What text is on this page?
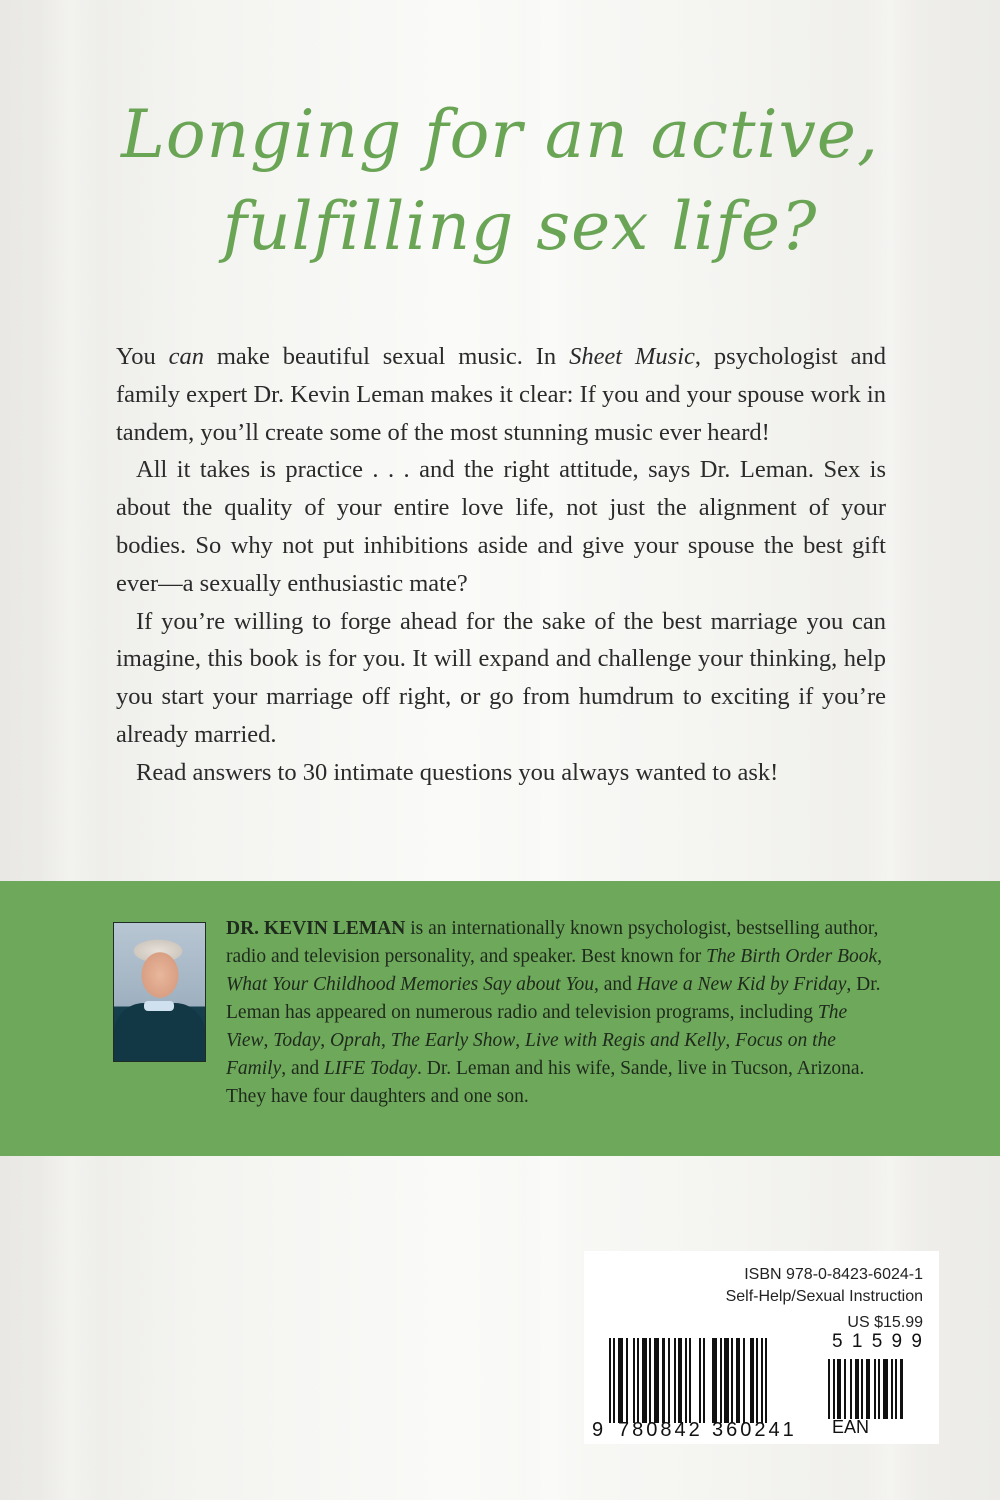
Longing for an active,
fulfilling sex life?

You can make beautiful sexual music. In Sheet Music, psychologist and family expert Dr. Kevin Leman makes it clear: If you and your spouse work in tandem, you’ll create some of the most stunning music ever heard!

All it takes is practice . . . and the right attitude, says Dr. Leman. Sex is about the quality of your entire love life, not just the alignment of your bodies. So why not put inhibitions aside and give your spouse the best gift ever—a sexually enthusiastic mate?

If you’re willing to forge ahead for the sake of the best marriage you can imagine, this book is for you. It will expand and challenge your thinking, help you start your marriage off right, or go from humdrum to exciting if you’re already married.

Read answers to 30 intimate questions you always wanted to ask!

DR. KEVIN LEMAN is an internationally known psychologist, bestselling author, radio and television personality, and speaker. Best known for The Birth Order Book, What Your Childhood Memories Say about You, and Have a New Kid by Friday, Dr. Leman has appeared on numerous radio and television programs, including The View, Today, Oprah, The Early Show, Live with Regis and Kelly, Focus on the Family, and LIFE Today. Dr. Leman and his wife, Sande, live in Tucson, Arizona. They have four daughters and one son.
ISBN 978-0-8423-6024-1
Self-Help/Sexual Instruction
US $15.99
9 780842 360241
5 1 5 9 9
EAN
